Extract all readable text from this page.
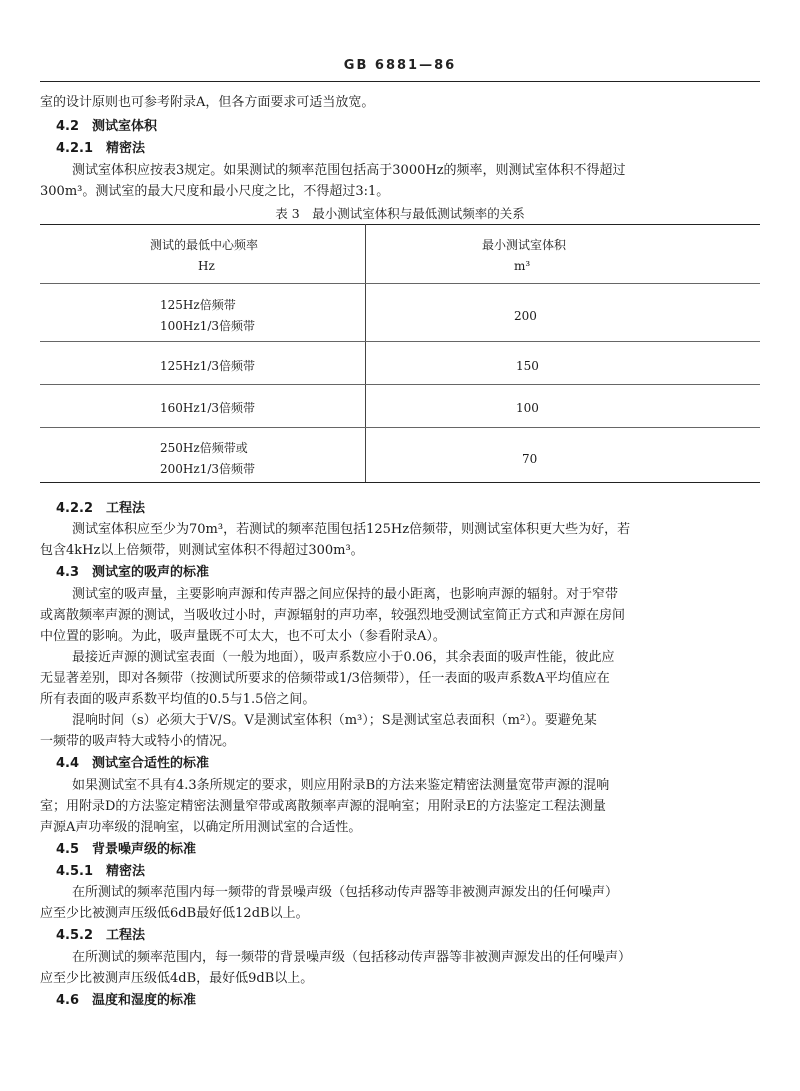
GB 6881—86
室的设计原则也可参考附录A，但各方面要求可适当放宽。
4.2　测试室体积
4.2.1　精密法
测试室体积应按表3规定。如果测试的频率范围包括高于3000Hz的频率，则测试室体积不得超过
300m³。测试室的最大尺度和最小尺度之比，不得超过3:1。
表 3　最小测试室体积与最低测试频率的关系
测试的最低中心频率
Hz
最小测试室体积
m³
125Hz倍频带
100Hz1/3倍频带
200
125Hz1/3倍频带	150
160Hz1/3倍频带	100
250Hz倍频带或
200Hz1/3倍频带
70
4.2.2　工程法
测试室体积应至少为70m³，若测试的频率范围包括125Hz倍频带，则测试室体积更大些为好，若
包含4kHz以上倍频带，则测试室体积不得超过300m³。
4.3　测试室的吸声的标准
测试室的吸声量，主要影响声源和传声器之间应保持的最小距离，也影响声源的辐射。对于窄带
或离散频率声源的测试，当吸收过小时，声源辐射的声功率，较强烈地受测试室简正方式和声源在房间
中位置的影响。为此，吸声量既不可太大，也不可太小（参看附录A）。
最接近声源的测试室表面（一般为地面），吸声系数应小于0.06，其余表面的吸声性能，彼此应
无显著差别，即对各频带（按测试所要求的倍频带或1/3倍频带），任一表面的吸声系数A平均值应在
所有表面的吸声系数平均值的0.5与1.5倍之间。
混响时间（s）必须大于V/S。V是测试室体积（m³）；S是测试室总表面积（m²）。要避免某
一频带的吸声特大或特小的情况。
4.4　测试室合适性的标准
如果测试室不具有4.3条所规定的要求，则应用附录B的方法来鉴定精密法测量宽带声源的混响
室；用附录D的方法鉴定精密法测量窄带或离散频率声源的混响室；用附录E的方法鉴定工程法测量
声源A声功率级的混响室，以确定所用测试室的合适性。
4.5　背景噪声级的标准
4.5.1　精密法
在所测试的频率范围内每一频带的背景噪声级（包括移动传声器等非被测声源发出的任何噪声）
应至少比被测声压级低6dB最好低12dB以上。
4.5.2　工程法
在所测试的频率范围内，每一频带的背景噪声级（包括移动传声器等非被测声源发出的任何噪声）
应至少比被测声压级低4dB，最好低9dB以上。
4.6　温度和湿度的标准
